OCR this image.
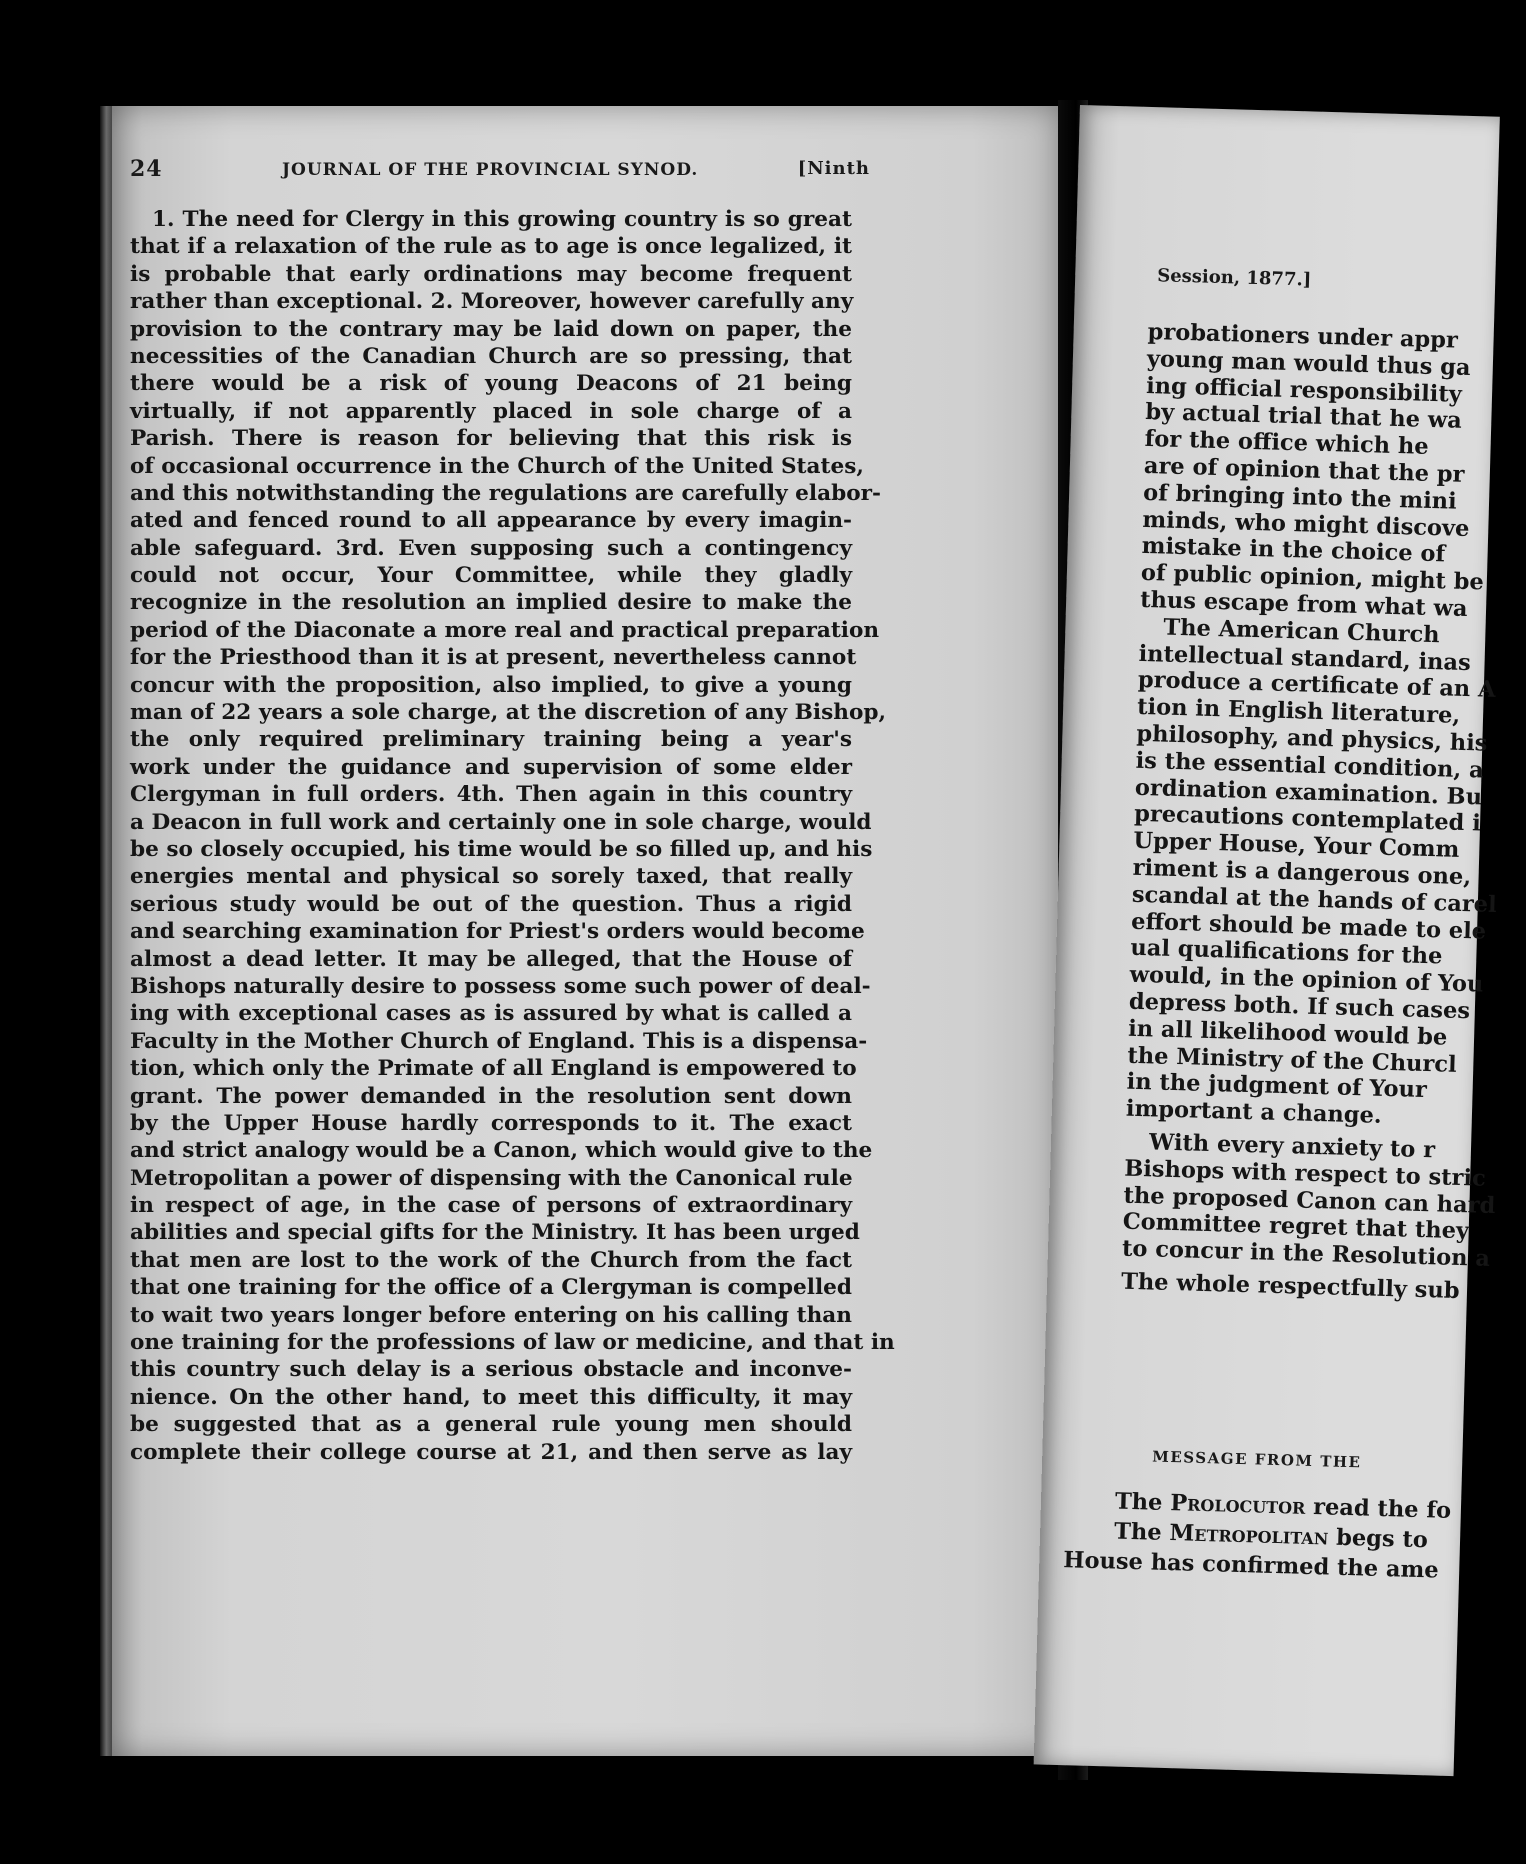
24	JOURNAL OF THE PROVINCIAL SYNOD.	[Ninth
1. The need for Clergy in this growing country is so great
that if a relaxation of the rule as to age is once legalized, it
is probable that early ordinations may become frequent
rather than exceptional. 2. Moreover, however carefully any
provision to the contrary may be laid down on paper, the
necessities of the Canadian Church are so pressing, that
there would be a risk of young Deacons of 21 being
virtually, if not apparently placed in sole charge of a
Parish. There is reason for believing that this risk is
of occasional occurrence in the Church of the United States,
and this notwithstanding the regulations are carefully elabor-
ated and fenced round to all appearance by every imagin-
able safeguard. 3rd. Even supposing such a contingency
could not occur, Your Committee, while they gladly
recognize in the resolution an implied desire to make the
period of the Diaconate a more real and practical preparation
for the Priesthood than it is at present, nevertheless cannot
concur with the proposition, also implied, to give a young
man of 22 years a sole charge, at the discretion of any Bishop,
the only required preliminary training being a year's
work under the guidance and supervision of some elder
Clergyman in full orders. 4th. Then again in this country
a Deacon in full work and certainly one in sole charge, would
be so closely occupied, his time would be so filled up, and his
energies mental and physical so sorely taxed, that really
serious study would be out of the question. Thus a rigid
and searching examination for Priest's orders would become
almost a dead letter. It may be alleged, that the House of
Bishops naturally desire to possess some such power of deal-
ing with exceptional cases as is assured by what is called a
Faculty in the Mother Church of England. This is a dispensa-
tion, which only the Primate of all England is empowered to
grant. The power demanded in the resolution sent down
by the Upper House hardly corresponds to it. The exact
and strict analogy would be a Canon, which would give to the
Metropolitan a power of dispensing with the Canonical rule
in respect of age, in the case of persons of extraordinary
abilities and special gifts for the Ministry. It has been urged
that men are lost to the work of the Church from the fact
that one training for the office of a Clergyman is compelled
to wait two years longer before entering on his calling than
one training for the professions of law or medicine, and that in
this country such delay is a serious obstacle and inconve-
nience. On the other hand, to meet this difficulty, it may
be suggested that as a general rule young men should
complete their college course at 21, and then serve as lay
Session, 1877.]
probationers under appr
young man would thus ga
ing official responsibility
by actual trial that he wa
for the office which he
are of opinion that the pr
of bringing into the mini
minds, who might discove
mistake in the choice of
of public opinion, might be
thus escape from what wa
The American Church
intellectual standard, inas
produce a certificate of an A
tion in English literature,
philosophy, and physics, his
is the essential condition, a
ordination examination. Bu
precautions contemplated i
Upper House, Your Comm
riment is a dangerous one,
scandal at the hands of carel
effort should be made to ele
ual qualifications for the
would, in the opinion of You
depress both. If such cases
in all likelihood would be
the Ministry of the Churcl
in the judgment of Your
important a change.
With every anxiety to r
Bishops with respect to stric
the proposed Canon can hard
Committee regret that they
to concur in the Resolution a
The whole respectfully sub
MESSAGE FROM THE
The Prolocutor read the fo
The Metropolitan begs to
House has confirmed the ame
